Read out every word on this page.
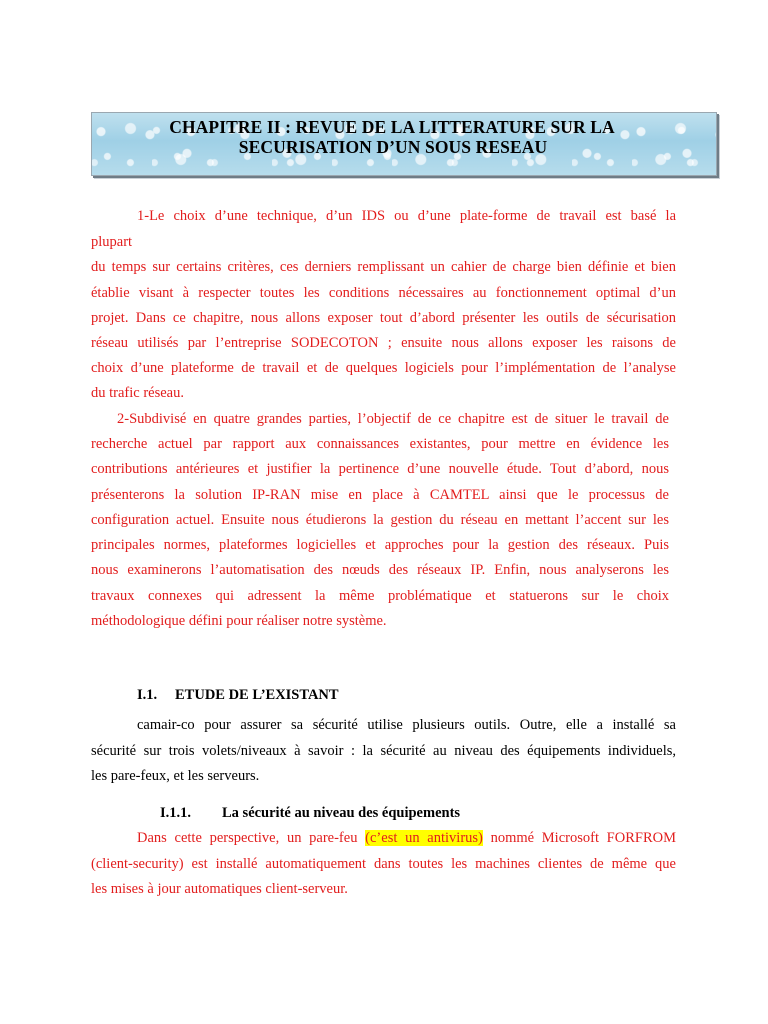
CHAPITRE II : REVUE DE LA LITTERATURE SUR LA
SECURISATION D’UN SOUS RESEAU
1-Le choix d’une technique, d’un IDS ou d’une plate-forme de travail est basé la
plupart
du temps sur certains critères, ces derniers remplissant un cahier de charge bien définie et bien
établie visant à respecter toutes les conditions nécessaires au fonctionnement optimal d’un
projet. Dans ce chapitre, nous allons exposer tout d’abord présenter les outils de sécurisation
réseau utilisés par l’entreprise SODECOTON ; ensuite nous allons exposer les raisons de
choix d’une plateforme de travail et de quelques logiciels pour l’implémentation de l’analyse
du trafic réseau.
2-Subdivisé en quatre grandes parties, l’objectif de ce chapitre est de situer le travail de
recherche actuel par rapport aux connaissances existantes, pour mettre en évidence les
contributions antérieures et justifier la pertinence d’une nouvelle étude. Tout d’abord, nous
présenterons la solution IP-RAN mise en place à CAMTEL ainsi que le processus de
configuration actuel. Ensuite nous étudierons la gestion du réseau en mettant l’accent sur les
principales normes, plateformes logicielles et approches pour la gestion des réseaux. Puis
nous examinerons l’automatisation des nœuds des réseaux IP. Enfin, nous analyserons les
travaux connexes qui adressent la même problématique et statuerons sur le choix
méthodologique défini pour réaliser notre système.
I.1. ETUDE DE L’EXISTANT
camair-co pour assurer sa sécurité utilise plusieurs outils. Outre, elle a installé sa
sécurité sur trois volets/niveaux à savoir : la sécurité au niveau des équipements individuels,
les pare-feux, et les serveurs.
I.1.1. La sécurité au niveau des équipements
Dans cette perspective, un pare-feu (c’est un antivirus) nommé Microsoft FORFROM
(client-security) est installé automatiquement dans toutes les machines clientes de même que
les mises à jour automatiques client-serveur.
